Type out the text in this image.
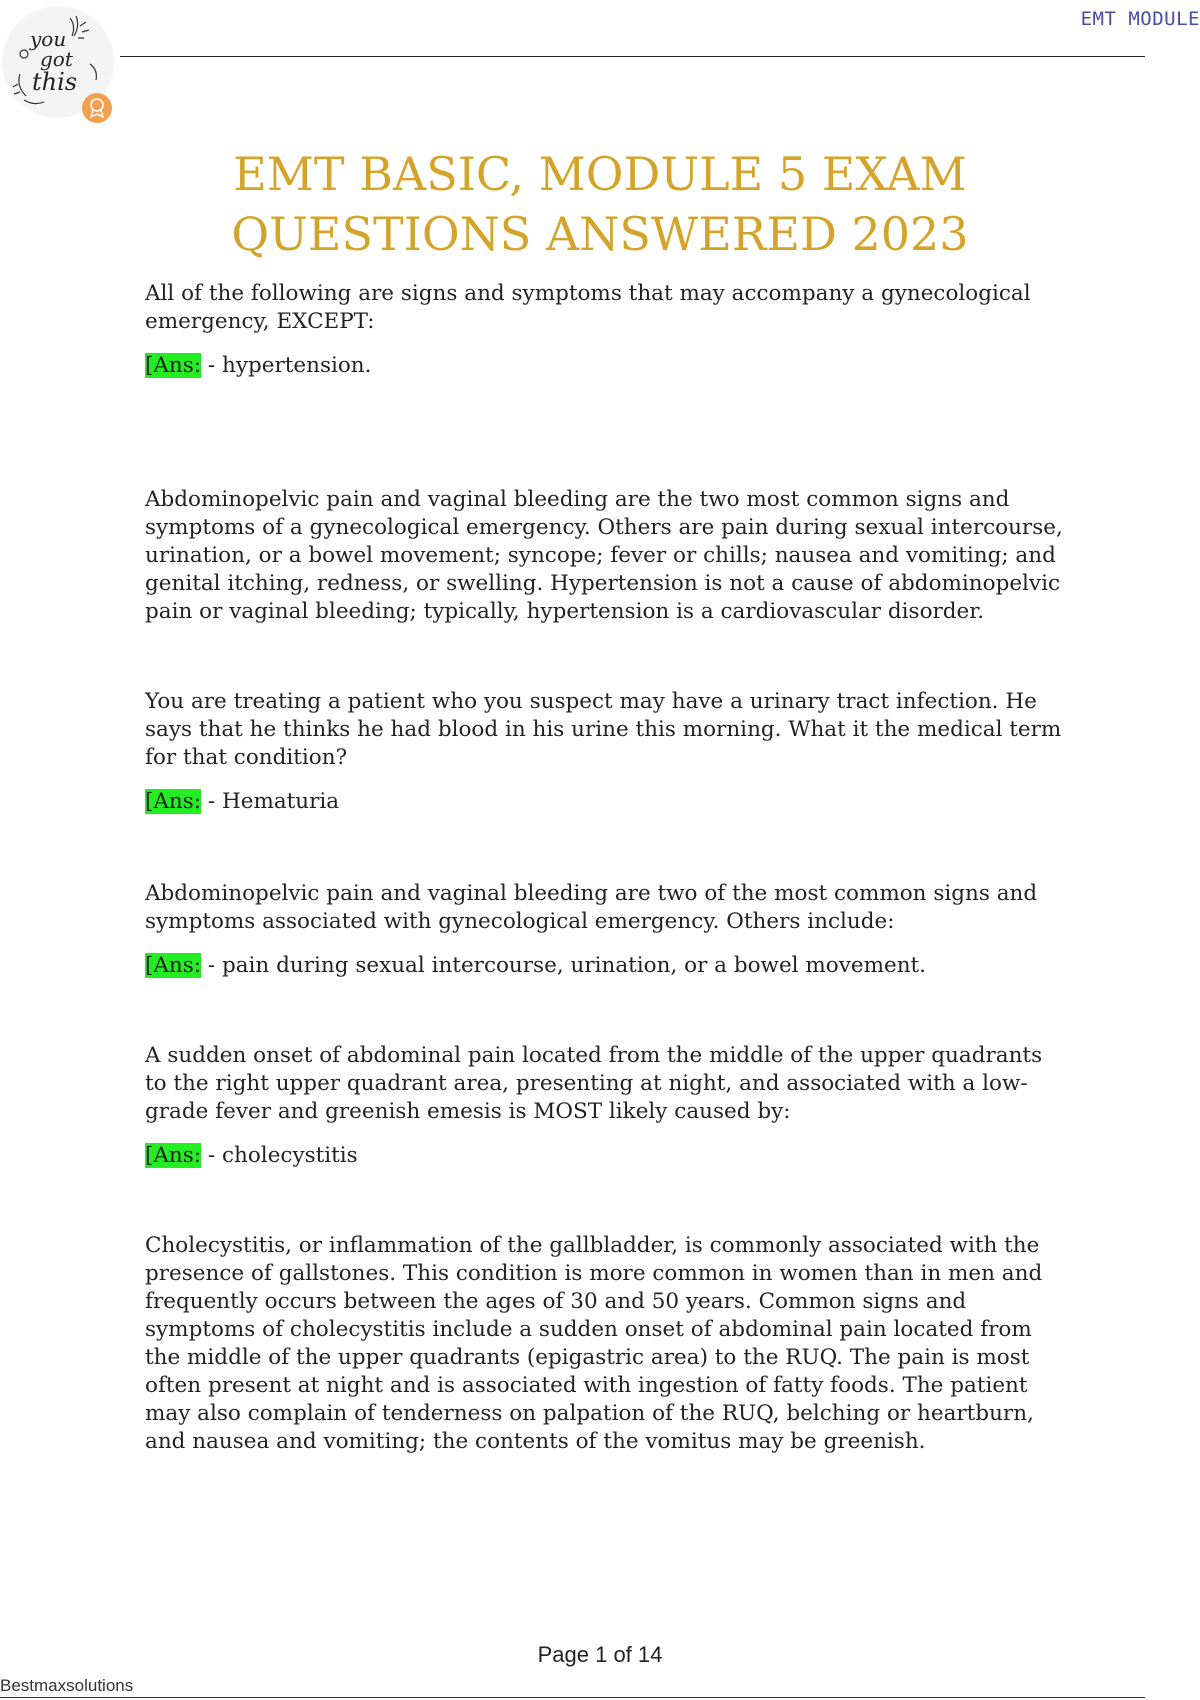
you
got
this
EMT MODULE
EMT BASIC, MODULE 5 EXAM
QUESTIONS ANSWERED 2023

All of the following are signs and symptoms that may accompany a gynecological emergency, EXCEPT:

[Ans: - hypertension.

Abdominopelvic pain and vaginal bleeding are the two most common signs and symptoms of a gynecological emergency. Others are pain during sexual intercourse, urination, or a bowel movement; syncope; fever or chills; nausea and vomiting; and genital itching, redness, or swelling. Hypertension is not a cause of abdominopelvic pain or vaginal bleeding; typically, hypertension is a cardiovascular disorder.

You are treating a patient who you suspect may have a urinary tract infection. He says that he thinks he had blood in his urine this morning. What it the medical term for that condition?

[Ans: - Hematuria

Abdominopelvic pain and vaginal bleeding are two of the most common signs and symptoms associated with gynecological emergency. Others include:

[Ans: - pain during sexual intercourse, urination, or a bowel movement.

A sudden onset of abdominal pain located from the middle of the upper quadrants to the right upper quadrant area, presenting at night, and associated with a low-grade fever and greenish emesis is MOST likely caused by:

[Ans: - cholecystitis

Cholecystitis, or inflammation of the gallbladder, is commonly associated with the presence of gallstones. This condition is more common in women than in men and frequently occurs between the ages of 30 and 50 years. Common signs and symptoms of cholecystitis include a sudden onset of abdominal pain located from the middle of the upper quadrants (epigastric area) to the RUQ. The pain is most often present at night and is associated with ingestion of fatty foods. The patient may also complain of tenderness on palpation of the RUQ, belching or heartburn, and nausea and vomiting; the contents of the vomitus may be greenish.

Page 1 of 14
Bestmaxsolutions
